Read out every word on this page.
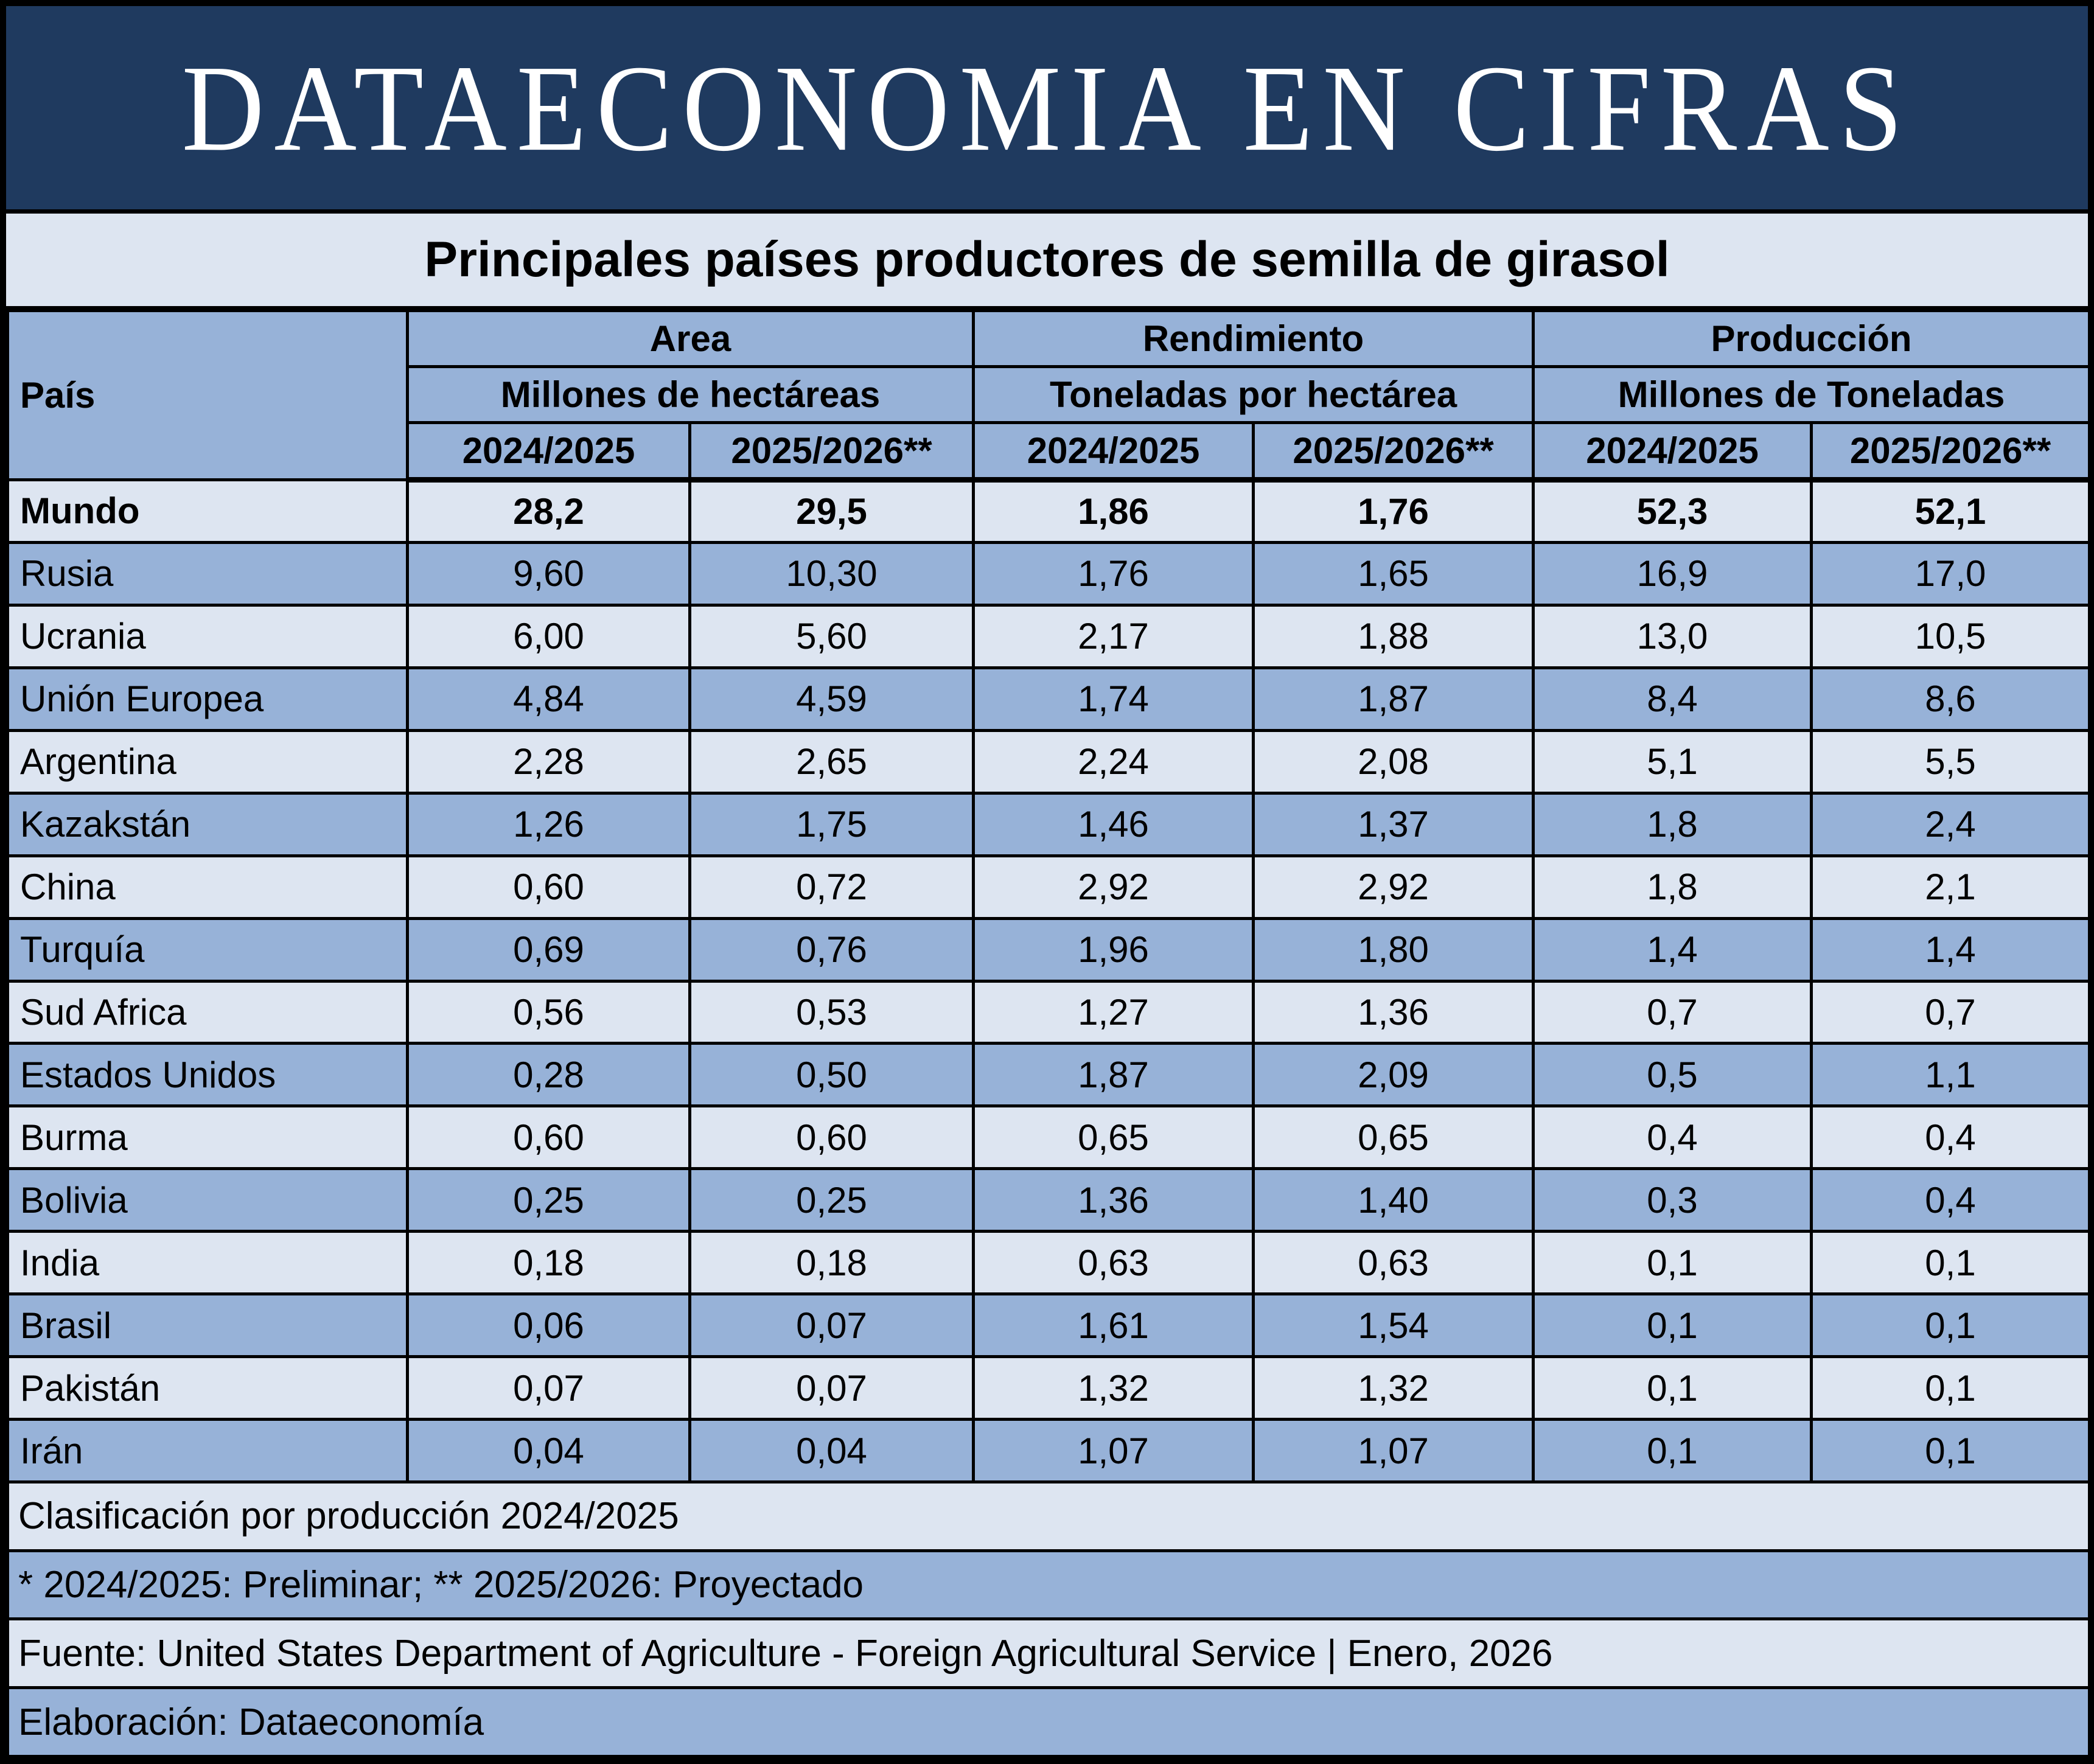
DATAECONOMIA EN CIFRAS
Principales países productores de semilla de girasol
País	Area		Rendimiento		Producción	
	Millones de hectáreas		Toneladas por hectárea		Millones de Toneladas	
	2024/2025	2025/2026**	2024/2025	2025/2026**	2024/2025	2025/2026**
Mundo	28,2	29,5	1,86	1,76	52,3	52,1
Rusia	9,60	10,30	1,76	1,65	16,9	17,0
Ucrania	6,00	5,60	2,17	1,88	13,0	10,5
Unión Europea	4,84	4,59	1,74	1,87	8,4	8,6
Argentina	2,28	2,65	2,24	2,08	5,1	5,5
Kazakstán	1,26	1,75	1,46	1,37	1,8	2,4
China	0,60	0,72	2,92	2,92	1,8	2,1
Turquía	0,69	0,76	1,96	1,80	1,4	1,4
Sud Africa	0,56	0,53	1,27	1,36	0,7	0,7
Estados Unidos	0,28	0,50	1,87	2,09	0,5	1,1
Burma	0,60	0,60	0,65	0,65	0,4	0,4
Bolivia	0,25	0,25	1,36	1,40	0,3	0,4
India	0,18	0,18	0,63	0,63	0,1	0,1
Brasil	0,06	0,07	1,61	1,54	0,1	0,1
Pakistán	0,07	0,07	1,32	1,32	0,1	0,1
Irán	0,04	0,04	1,07	1,07	0,1	0,1
Clasificación por producción 2024/2025						
* 2024/2025: Preliminar; ** 2025/2026: Proyectado						
Fuente: United States Department of Agriculture - Foreign Agricultural Service | Enero, 2026						
Elaboración: Dataeconomía						
